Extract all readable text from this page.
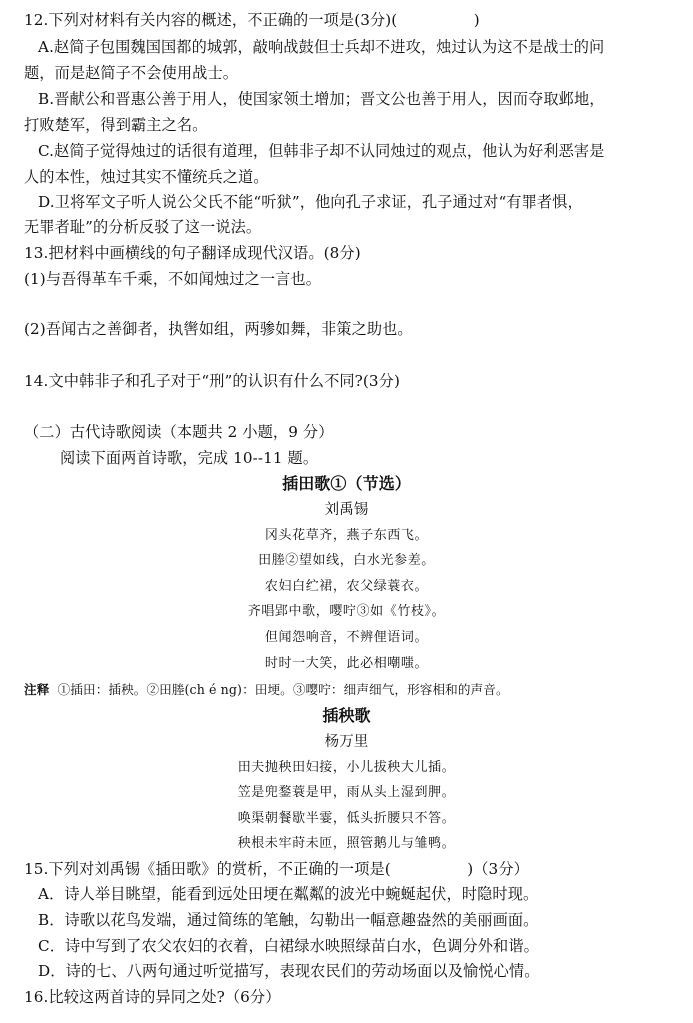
12.下列对材料有关内容的概述，不正确的一项是(3分)(　　　　　)
A.赵简子包围魏国国都的城郭，敲响战鼓但士兵却不进攻，烛过认为这不是战士的问
题，而是赵简子不会使用战士。
B.晋献公和晋惠公善于用人，使国家领土增加；晋文公也善于用人，因而夺取邺地，
打败楚军，得到霸主之名。
C.赵简子觉得烛过的话很有道理，但韩非子却不认同烛过的观点，他认为好利恶害是
人的本性，烛过其实不懂统兵之道。
D.卫将军文子听人说公父氏不能“听狱”，他向孔子求证，孔子通过对“有罪者惧，
无罪者耻”的分析反驳了这一说法。
13.把材料中画横线的句子翻译成现代汉语。(8分)
(1)与吾得革车千乘，不如闻烛过之一言也。
(2)吾闻古之善御者，执辔如组，两骖如舞，非策之助也。
14.文中韩非子和孔子对于“刑”的认识有什么不同?(3分)
（二）古代诗歌阅读（本题共 2 小题，9 分）
阅读下面两首诗歌，完成 10--11 题。
插田歌①（节选）
刘禹锡
冈头花草齐，燕子东西飞。
田塍②望如线，白水光参差。
农妇白纻裙，农父绿蓑衣。
齐唱郢中歌，嘤咛③如《竹枝》。
但闻怨响音，不辨俚语词。
时时一大笑，此必相嘲嗤。
注释 ①插田：插秧。②田塍(ch é ng)：田埂。③嘤咛：细声细气，形容相和的声音。
插秧歌
杨万里
田夫抛秧田妇接，小儿拔秧大儿插。
笠是兜鍪蓑是甲，雨从头上湿到胛。
唤渠朝餐歇半霎，低头折腰只不答。
秧根未牢莳未匝，照管鹅儿与雏鸭。
15.下列对刘禹锡《插田歌》的赏析，不正确的一项是(　　　　　)（3分）
A．诗人举目眺望，能看到远处田埂在粼粼的波光中蜿蜒起伏，时隐时现。
B．诗歌以花鸟发端，通过简练的笔触，勾勒出一幅意趣盎然的美丽画面。
C．诗中写到了农父农妇的衣着，白裙绿水映照绿苗白水，色调分外和谐。
D．诗的七、八两句通过听觉描写，表现农民们的劳动场面以及愉悦心情。
16.比较这两首诗的异同之处?（6分）
